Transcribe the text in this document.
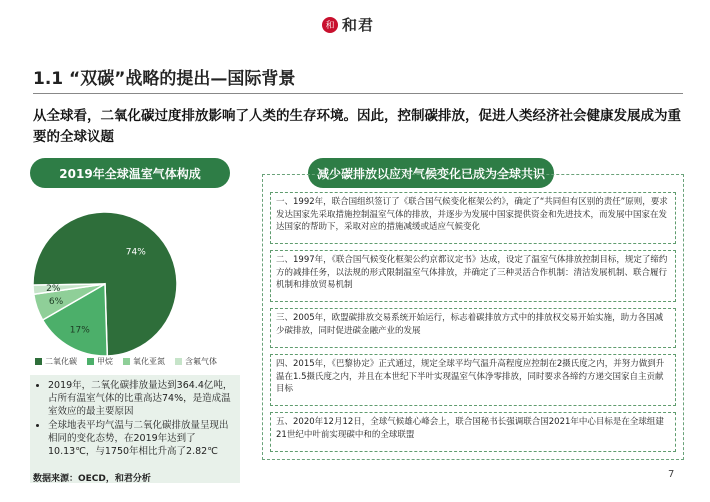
和 和君
1.1 “双碳”战略的提出—国际背景
从全球看，二氧化碳过度排放影响了人类的生存环境。因此，控制碳排放，促进人类经济社会健康发展成为重要的全球议题
2019年全球温室气体构成	减少碳排放以应对气候变化已成为全球共识
74%
17%
6%
2%
二氧化碳	甲烷	氧化亚氮	含氟气体
• 2019年，二氧化碳排放量达到364.4亿吨，占所有温室气体的比重高达74%，是造成温室效应的最主要原因
• 全球地表平均气温与二氧化碳排放量呈现出相同的变化态势，在2019年达到了10.13℃，与1750年相比升高了2.82℃
一、1992年，联合国组织签订了《联合国气候变化框架公约》，确定了“共同但有区别的责任”原则，要求发达国家先采取措施控制温室气体的排放，并逐步为发展中国家提供资金和先进技术，而发展中国家在发达国家的帮助下，采取对应的措施减缓或适应气候变化
二、1997年，《联合国气候变化框架公约京都议定书》达成，设定了温室气体排放控制目标，规定了缔约方的减排任务，以法规的形式限制温室气体排放，并确定了三种灵活合作机制：清洁发展机制、联合履行机制和排放贸易机制
三、2005年，欧盟碳排放交易系统开始运行，标志着碳排放方式中的排放权交易开始实施，助力各国减少碳排放，同时促进碳金融产业的发展
四、2015年，《巴黎协定》正式通过，规定全球平均气温升高程度应控制在2摄氏度之内，并努力做到升温在1.5摄氏度之内，并且在本世纪下半叶实现温室气体净零排放，同时要求各缔约方递交国家自主贡献目标
五、2020年12月12日，全球气候雄心峰会上，联合国秘书长强调联合国2021年中心目标是在全球组建21世纪中叶前实现碳中和的全球联盟
数据来源：OECD，和君分析	7
